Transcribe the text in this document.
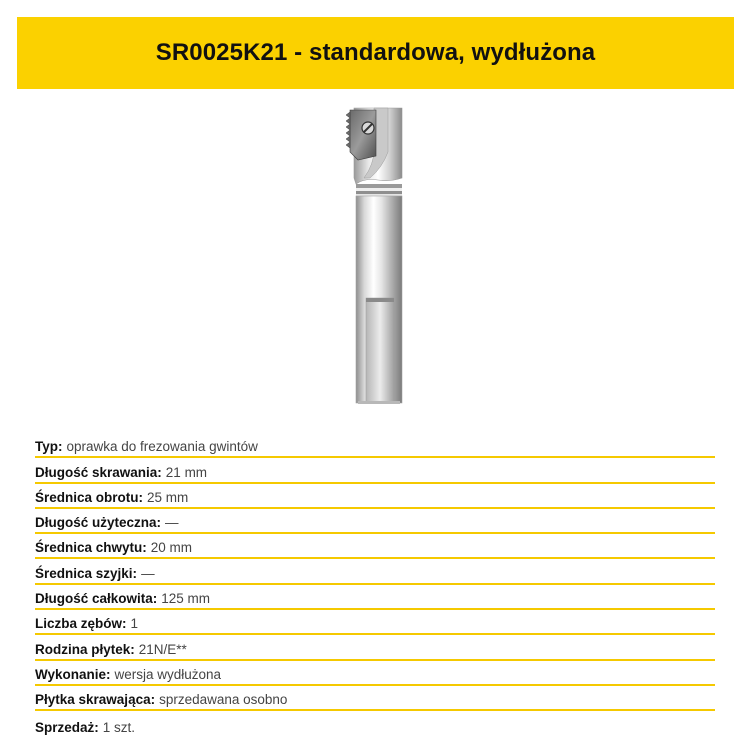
SR0025K21 - standardowa, wydłużona
Typ: oprawka do frezowania gwintów
Długość skrawania: 21 mm
Średnica obrotu: 25 mm
Długość użyteczna: —
Średnica chwytu: 20 mm
Średnica szyjki: —
Długość całkowita: 125 mm
Liczba zębów: 1
Rodzina płytek: 21N/E**
Wykonanie: wersja wydłużona
Płytka skrawająca: sprzedawana osobno
Sprzedaż: 1 szt.
